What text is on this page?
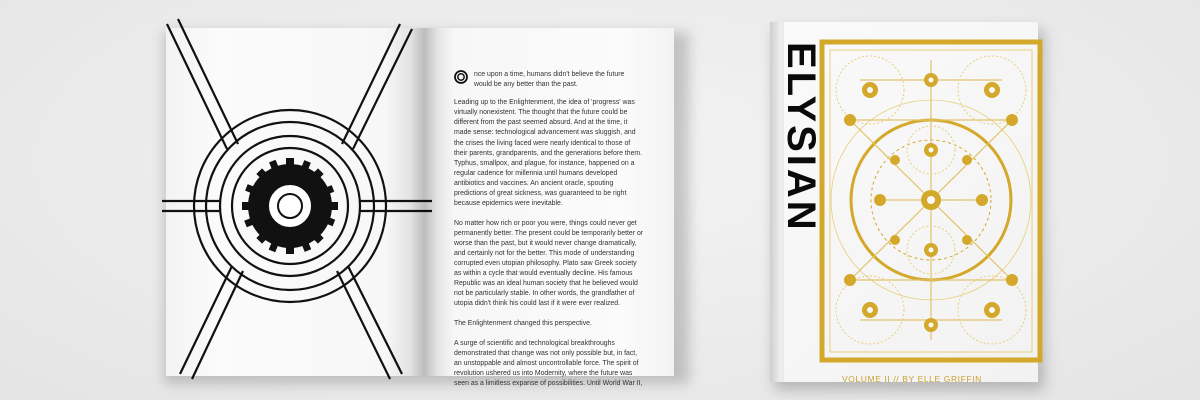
nce upon a time, humans didn't believe the future would be any better than the past.

Leading up to the Enlightenment, the idea of 'progress' was virtually nonexistent. The thought that the future could be different from the past seemed absurd. And at the time, it made sense: technological advancement was sluggish, and the crises the living faced were nearly identical to those of their parents, grandparents, and the generations before them. Typhus, smallpox, and plague, for instance, happened on a regular cadence for millennia until humans developed antibiotics and vaccines. An ancient oracle, spouting predictions of great sickness, was guaranteed to be right because epidemics were inevitable.

No matter how rich or poor you were, things could never get permanently better. The present could be temporarily better or worse than the past, but it would never change dramatically, and certainly not for the better. This mode of understanding corrupted even utopian philosophy. Plato saw Greek society as within a cycle that would eventually decline. His famous Republic was an ideal human society that he believed would not be particularly stable. In other words, the grandfather of utopia didn't think his could last if it were ever realized.

The Enlightenment changed this perspective.

A surge of scientific and technological breakthroughs demonstrated that change was not only possible but, in fact, an unstoppable and almost uncontrollable force. The spirit of revolution ushered us into Modernity, where the future was seen as a limitless expanse of possibilities. Until World War II,

ELYSIAN
VOLUME II // BY ELLE GRIFFIN
